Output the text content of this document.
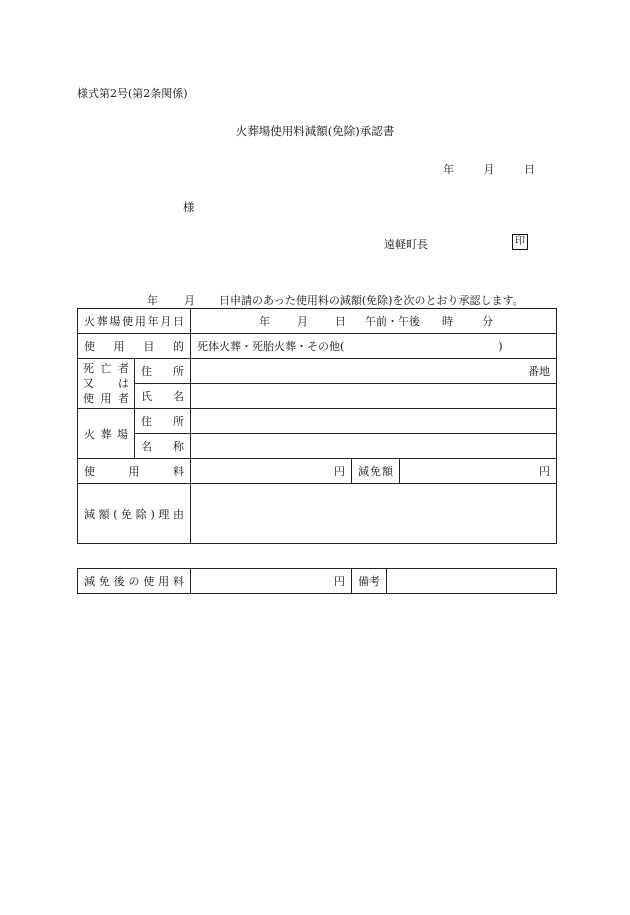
様式第2号(第2条関係)
火葬場使用料減額(免除)承認書
年	月	日
様
遠軽町長	印
年 月 日申請のあった使用料の減額(免除)を次のとおり承認します。
火葬場使用年月日		年 月 日 午前・午後 時 分		
使用目的		死体火葬・死胎火葬・その他( )		

死亡者
又は
使用者	住所	番地		
	氏名			
火葬場	住所			
	名称			
使用料		円	減免額	円
減額(免除)理由				
減免後の使用料	円	備考	
